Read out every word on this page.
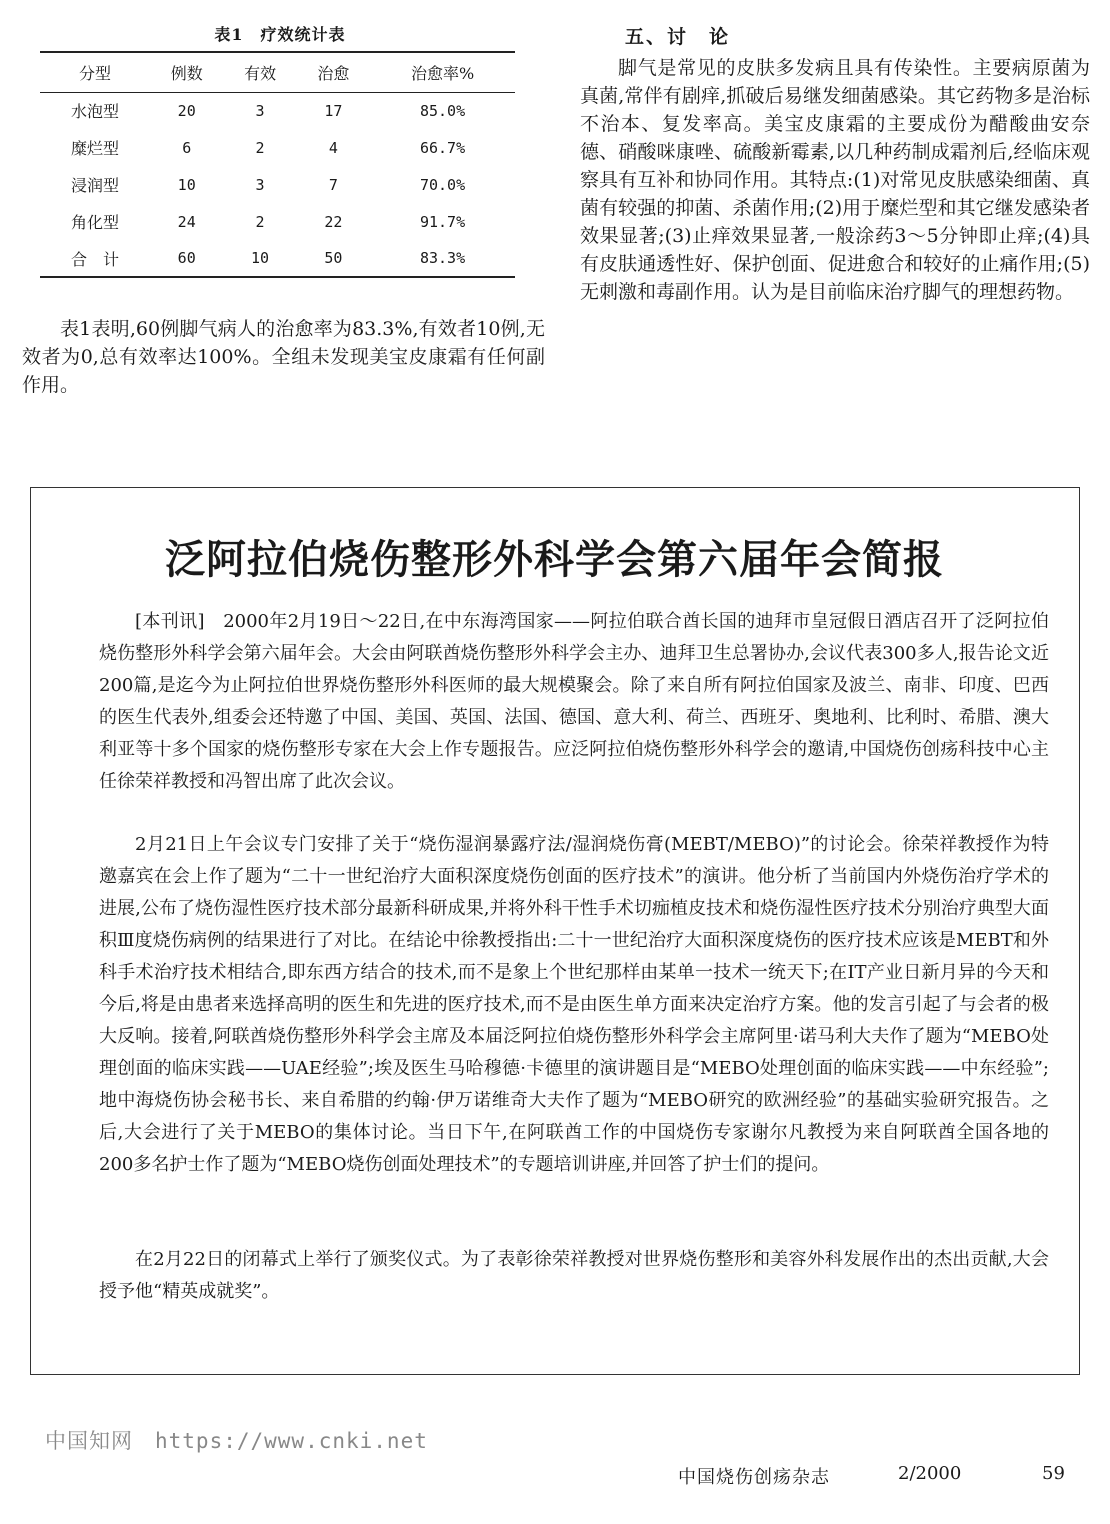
表1　疗效统计表
分型	例数	有效	治愈	治愈率%
水泡型	20	3	17	85.0%
糜烂型	6	2	4	66.7%
浸润型	10	3	7	70.0%
角化型	24	2	22	91.7%
合　计	60	10	50	83.3%
表1表明,60例脚气病人的治愈率为83.3%,有效者10例,无效者为0,总有效率达100%。全组未发现美宝皮康霜有任何副作用。
五、讨　论
脚气是常见的皮肤多发病且具有传染性。主要病原菌为真菌,常伴有剧痒,抓破后易继发细菌感染。其它药物多是治标不治本、复发率高。美宝皮康霜的主要成份为醋酸曲安奈德、硝酸咪康唑、硫酸新霉素,以几种药制成霜剂后,经临床观察具有互补和协同作用。其特点:(1)对常见皮肤感染细菌、真菌有较强的抑菌、杀菌作用;(2)用于糜烂型和其它继发感染者效果显著;(3)止痒效果显著,一般涂药3～5分钟即止痒;(4)具有皮肤通透性好、保护创面、促进愈合和较好的止痛作用;(5)无刺激和毒副作用。认为是目前临床治疗脚气的理想药物。
泛阿拉伯烧伤整形外科学会第六届年会简报
[本刊讯]　2000年2月19日～22日,在中东海湾国家——阿拉伯联合酋长国的迪拜市皇冠假日酒店召开了泛阿拉伯烧伤整形外科学会第六届年会。大会由阿联酋烧伤整形外科学会主办、迪拜卫生总署协办,会议代表300多人,报告论文近200篇,是迄今为止阿拉伯世界烧伤整形外科医师的最大规模聚会。除了来自所有阿拉伯国家及波兰、南非、印度、巴西的医生代表外,组委会还特邀了中国、美国、英国、法国、德国、意大利、荷兰、西班牙、奥地利、比利时、希腊、澳大利亚等十多个国家的烧伤整形专家在大会上作专题报告。应泛阿拉伯烧伤整形外科学会的邀请,中国烧伤创疡科技中心主任徐荣祥教授和冯智出席了此次会议。
2月21日上午会议专门安排了关于“烧伤湿润暴露疗法/湿润烧伤膏(MEBT/MEBO)”的讨论会。徐荣祥教授作为特邀嘉宾在会上作了题为“二十一世纪治疗大面积深度烧伤创面的医疗技术”的演讲。他分析了当前国内外烧伤治疗学术的进展,公布了烧伤湿性医疗技术部分最新科研成果,并将外科干性手术切痂植皮技术和烧伤湿性医疗技术分别治疗典型大面积Ⅲ度烧伤病例的结果进行了对比。在结论中徐教授指出:二十一世纪治疗大面积深度烧伤的医疗技术应该是MEBT和外科手术治疗技术相结合,即东西方结合的技术,而不是象上个世纪那样由某单一技术一统天下;在IT产业日新月异的今天和今后,将是由患者来选择高明的医生和先进的医疗技术,而不是由医生单方面来决定治疗方案。他的发言引起了与会者的极大反响。接着,阿联酋烧伤整形外科学会主席及本届泛阿拉伯烧伤整形外科学会主席阿里·诺马利大夫作了题为“MEBO处理创面的临床实践——UAE经验”;埃及医生马哈穆德·卡德里的演讲题目是“MEBO处理创面的临床实践——中东经验”;地中海烧伤协会秘书长、来自希腊的约翰·伊万诺维奇大夫作了题为“MEBO研究的欧洲经验”的基础实验研究报告。之后,大会进行了关于MEBO的集体讨论。当日下午,在阿联酋工作的中国烧伤专家谢尔凡教授为来自阿联酋全国各地的200多名护士作了题为“MEBO烧伤创面处理技术”的专题培训讲座,并回答了护士们的提问。
在2月22日的闭幕式上举行了颁奖仪式。为了表彰徐荣祥教授对世界烧伤整形和美容外科发展作出的杰出贡献,大会授予他“精英成就奖”。
中国知网　https://www.cnki.net
中国烧伤创疡杂志	2/2000	59
